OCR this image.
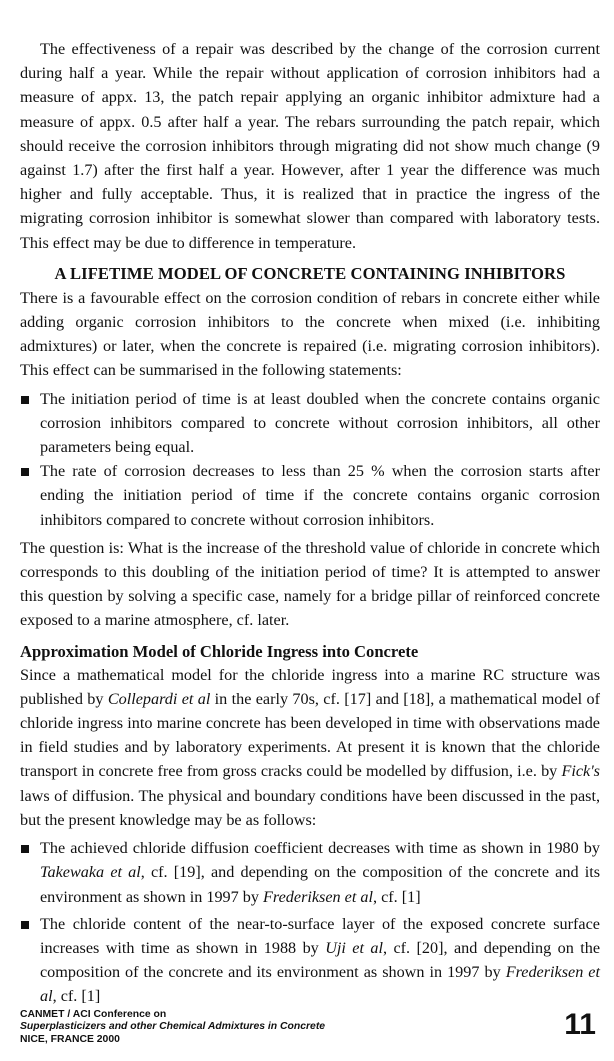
The effectiveness of a repair was described by the change of the corrosion current during half a year. While the repair without application of corrosion inhibitors had a measure of appx. 13, the patch repair applying an organic inhibitor admixture had a measure of appx. 0.5 after half a year. The rebars surrounding the patch repair, which should receive the corrosion inhibitors through migrating did not show much change (9 against 1.7) after the first half a year. However, after 1 year the difference was much higher and fully acceptable. Thus, it is realized that in practice the ingress of the migrating corrosion inhibitor is somewhat slower than compared with laboratory tests. This effect may be due to difference in temperature.

A LIFETIME MODEL OF CONCRETE CONTAINING INHIBITORS

There is a favourable effect on the corrosion condition of rebars in concrete either while adding organic corrosion inhibitors to the concrete when mixed (i.e. inhibiting admixtures) or later, when the concrete is repaired (i.e. migrating corrosion inhibitors). This effect can be summarised in the following statements:

The initiation period of time is at least doubled when the concrete contains organic corrosion inhibitors compared to concrete without corrosion inhibitors, all other parameters being equal.
The rate of corrosion decreases to less than 25 % when the corrosion starts after ending the initiation period of time if the concrete contains organic corrosion inhibitors compared to concrete without corrosion inhibitors.

The question is: What is the increase of the threshold value of chloride in concrete which corresponds to this doubling of the initiation period of time? It is attempted to answer this question by solving a specific case, namely for a bridge pillar of reinforced concrete exposed to a marine atmosphere, cf. later.

Approximation Model of Chloride Ingress into Concrete

Since a mathematical model for the chloride ingress into a marine RC structure was published by Collepardi et al in the early 70s, cf. [17] and [18], a mathematical model of chloride ingress into marine concrete has been developed in time with observations made in field studies and by laboratory experiments. At present it is known that the chloride transport in concrete free from gross cracks could be modelled by diffusion, i.e. by Fick's laws of diffusion. The physical and boundary conditions have been discussed in the past, but the present knowledge may be as follows:

The achieved chloride diffusion coefficient decreases with time as shown in 1980 by Takewaka et al, cf. [19], and depending on the composition of the concrete and its environment as shown in 1997 by Frederiksen et al, cf. [1]
The chloride content of the near-to-surface layer of the exposed concrete surface increases with time as shown in 1988 by Uji et al, cf. [20], and depending on the composition of the concrete and its environment as shown in 1997 by Frederiksen et al, cf. [1]
CANMET / ACI Conference on
Superplasticizers and other Chemical Admixtures in Concrete
NICE, FRANCE 2000	11
